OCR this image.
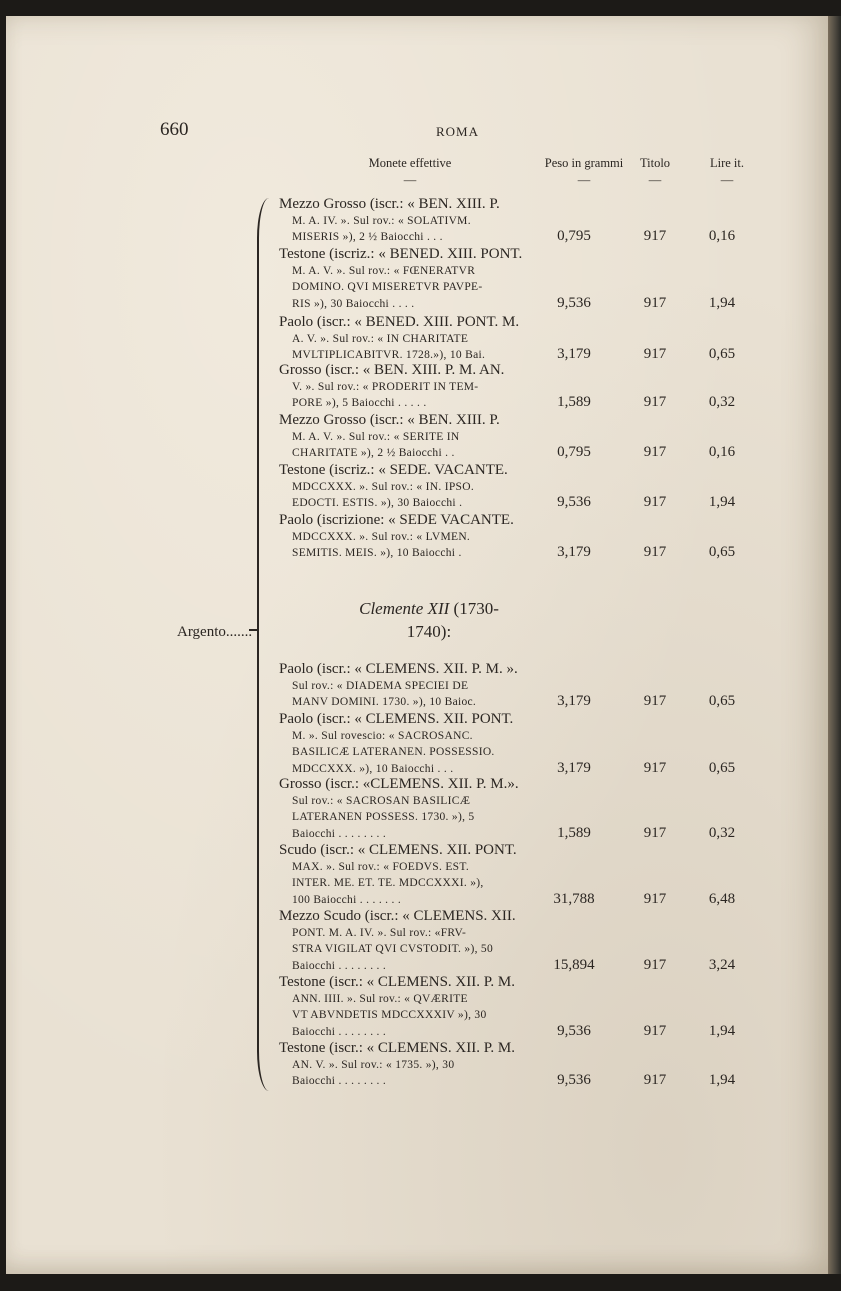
660	ROMA
Monete effettive
—
Peso in grammi
—
Titolo
—
Lire it.
—
Argento.......
Clemente XII (1730-
1740):
Mezzo Grosso (iscr.: « BEN. XIII. P.
M. A. IV. ». Sul rov.: « SOLATIVM.
MISERIS »), 2 ½ Baiocchi . . .	0,795	917	0,16
Testone (iscriz.: « BENED. XIII. PONT.
M. A. V. ». Sul rov.: « FŒNERATVR
DOMINO. QVI MISERETVR PAVPE-
RIS »), 30 Baiocchi . . . .	9,536	917	1,94
Paolo (iscr.: « BENED. XIII. PONT. M.
A. V. ». Sul rov.: « IN CHARITATE
MVLTIPLICABITVR. 1728.»), 10 Bai.	3,179	917	0,65
Grosso (iscr.: « BEN. XIII. P. M. AN.
V. ». Sul rov.: « PRODERIT IN TEM-
PORE »), 5 Baiocchi . . . . .	1,589	917	0,32
Mezzo Grosso (iscr.: « BEN. XIII. P.
M. A. V. ». Sul rov.: « SERITE IN
CHARITATE »), 2 ½ Baiocchi . .	0,795	917	0,16
Testone (iscriz.: « SEDE. VACANTE.
MDCCXXX. ». Sul rov.: « IN. IPSO.
EDOCTI. ESTIS. »), 30 Baiocchi .	9,536	917	1,94
Paolo (iscrizione: « SEDE VACANTE.
MDCCXXX. ». Sul rov.: « LVMEN.
SEMITIS. MEIS. »), 10 Baiocchi .	3,179	917	0,65
Paolo (iscr.: « CLEMENS. XII. P. M. ».
Sul rov.: « DIADEMA SPECIEI DE
MANV DOMINI. 1730. »), 10 Baioc.	3,179	917	0,65
Paolo (iscr.: « CLEMENS. XII. PONT.
M. ». Sul rovescio: « SACROSANC.
BASILICÆ LATERANEN. POSSESSIO.
MDCCXXX. »), 10 Baiocchi . . .	3,179	917	0,65
Grosso (iscr.: «CLEMENS. XII. P. M.».
Sul rov.: « SACROSAN BASILICÆ
LATERANEN POSSESS. 1730. »), 5
Baiocchi . . . . . . . .	1,589	917	0,32
Scudo (iscr.: « CLEMENS. XII. PONT.
MAX. ». Sul rov.: « FOEDVS. EST.
INTER. ME. ET. TE. MDCCXXXI. »),
100 Baiocchi . . . . . . .	31,788	917	6,48
Mezzo Scudo (iscr.: « CLEMENS. XII.
PONT. M. A. IV. ». Sul rov.: «FRV-
STRA VIGILAT QVI CVSTODIT. »), 50
Baiocchi . . . . . . . .	15,894	917	3,24
Testone (iscr.: « CLEMENS. XII. P. M.
ANN. IIII. ». Sul rov.: « QVÆRITE
VT ABVNDETIS MDCCXXXIV »), 30
Baiocchi . . . . . . . .	9,536	917	1,94
Testone (iscr.: « CLEMENS. XII. P. M.
AN. V. ». Sul rov.: « 1735. »), 30
Baiocchi . . . . . . . .	9,536	917	1,94
